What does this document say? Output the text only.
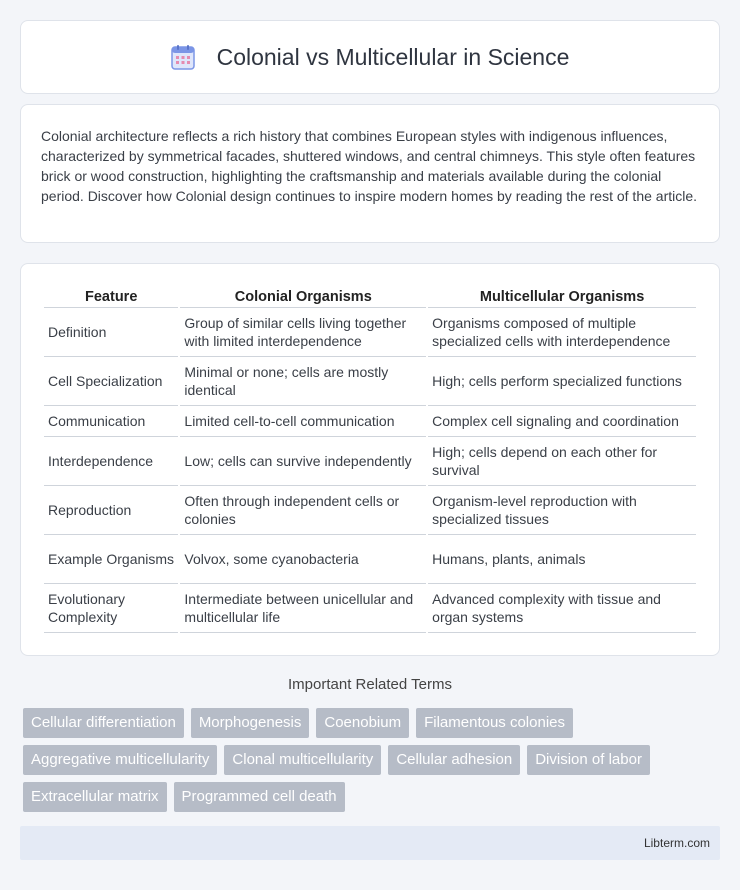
Colonial vs Multicellular in Science

Colonial architecture reflects a rich history that combines European styles with indigenous influences, characterized by symmetrical facades, shuttered windows, and central chimneys. This style often features brick or wood construction, highlighting the craftsmanship and materials available during the colonial period. Discover how Colonial design continues to inspire modern homes by reading the rest of the article.

Feature	Colonial Organisms	Multicellular Organisms
Definition	Group of similar cells living together with limited interdependence	Organisms composed of multiple specialized cells with interdependence
Cell Specialization	Minimal or none; cells are mostly identical	High; cells perform specialized functions
Communication	Limited cell-to-cell communication	Complex cell signaling and coordination
Interdependence	Low; cells can survive independently	High; cells depend on each other for survival
Reproduction	Often through independent cells or colonies	Organism-level reproduction with specialized tissues
Example Organisms	Volvox, some cyanobacteria	Humans, plants, animals
Evolutionary Complexity	Intermediate between unicellular and multicellular life	Advanced complexity with tissue and organ systems
Important Related Terms
Cellular differentiation	Morphogenesis	Coenobium	Filamentous colonies
Aggregative multicellularity	Clonal multicellularity	Cellular adhesion	Division of labor
Extracellular matrix	Programmed cell death
Libterm.com
